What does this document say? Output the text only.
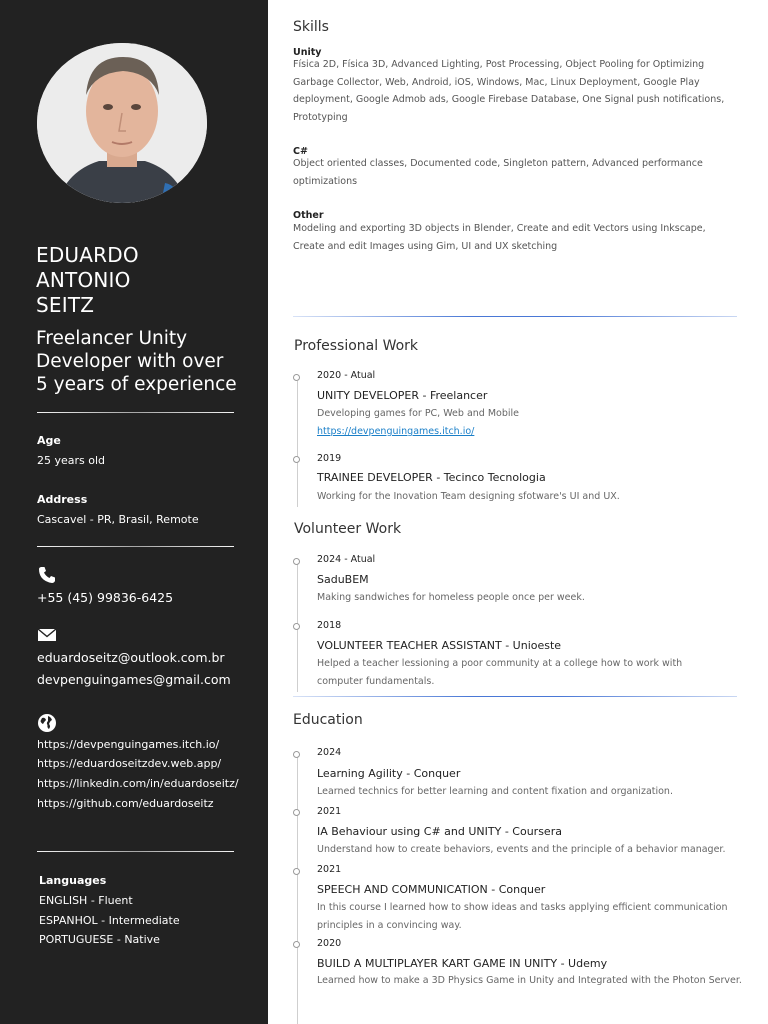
EDUARDO
ANTONIO
SEITZ
Freelancer Unity
Developer with over
5 years of experience
Age
25 years old
Address
Cascavel - PR, Brasil, Remote
+55 (45) 99836-6425
eduardoseitz@outlook.com.br
devpenguingames@gmail.com
https://devpenguingames.itch.io/
https://eduardoseitzdev.web.app/
https://linkedin.com/in/eduardoseitz/
https://github.com/eduardoseitz
Languages
ENGLISH - Fluent
ESPANHOL - Intermediate
PORTUGUESE - Native
Skills
Unity
Física 2D, Física 3D, Advanced Lighting, Post Processing, Object Pooling for Optimizing
Garbage Collector, Web, Android, iOS, Windows, Mac, Linux Deployment, Google Play
deployment, Google Admob ads, Google Firebase Database, One Signal push notifications,
Prototyping
C#
Object oriented classes, Documented code, Singleton pattern, Advanced performance
optimizations
Other
Modeling and exporting 3D objects in Blender, Create and edit Vectors using Inkscape,
Create and edit Images using Gim, UI and UX sketching
Professional Work
2020 - Atual
UNITY DEVELOPER - Freelancer
Developing games for PC, Web and Mobile
https://devpenguingames.itch.io/
2019
TRAINEE DEVELOPER - Tecinco Tecnologia
Working for the Inovation Team designing sfotware's UI and UX.
Volunteer Work
2024 - Atual
SaduBEM
Making sandwiches for homeless people once per week.
2018
VOLUNTEER TEACHER ASSISTANT - Unioeste
Helped a teacher lessioning a poor community at a college how to work with
computer fundamentals.
Education
2024
Learning Agility - Conquer
Learned technics for better learning and content fixation and organization.
2021
IA Behaviour using C# and UNITY - Coursera
Understand how to create behaviors, events and the principle of a behavior manager.
2021
SPEECH AND COMMUNICATION - Conquer
In this course I learned how to show ideas and tasks applying efficient communication
principles in a convincing way.
2020
BUILD A MULTIPLAYER KART GAME IN UNITY - Udemy
Learned how to make a 3D Physics Game in Unity and Integrated with the Photon Server.
